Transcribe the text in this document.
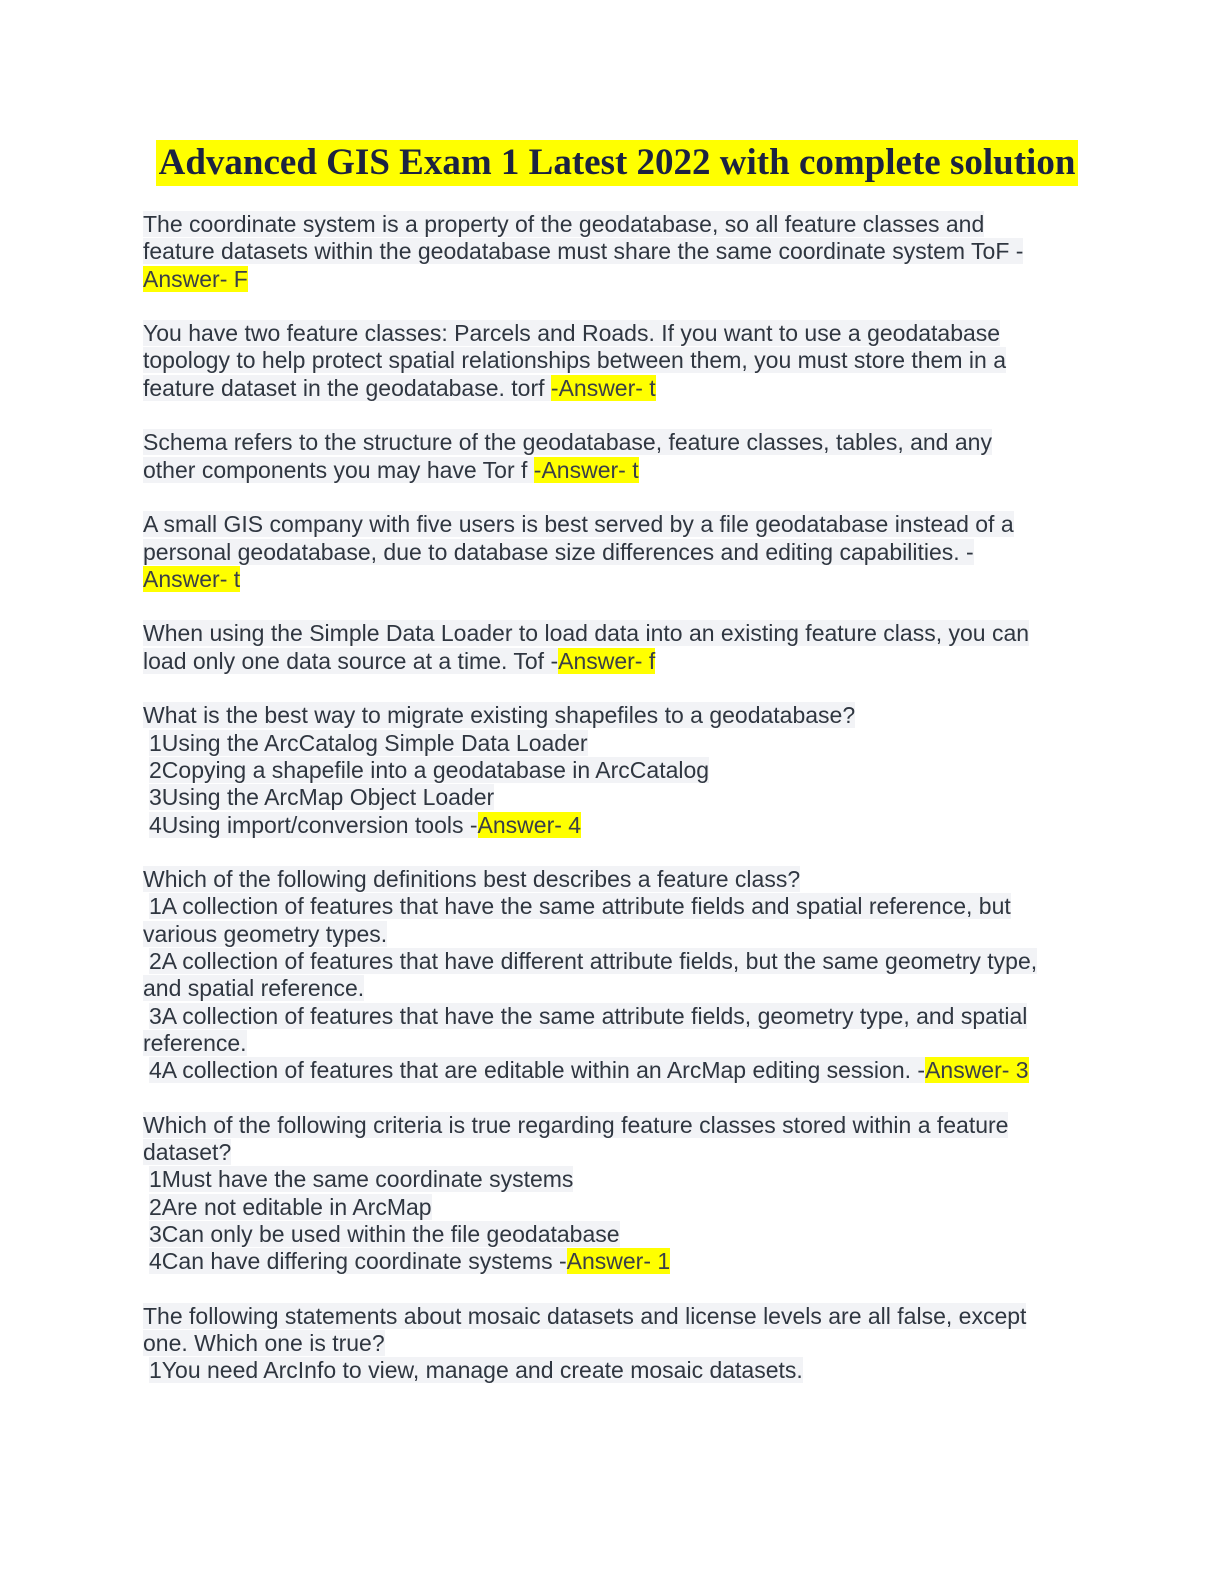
Advanced GIS Exam 1 Latest 2022 with complete solution
The coordinate system is a property of the geodatabase, so all feature classes and
feature datasets within the geodatabase must share the same coordinate system ToF -
Answer- F
You have two feature classes: Parcels and Roads. If you want to use a geodatabase
topology to help protect spatial relationships between them, you must store them in a
feature dataset in the geodatabase. torf -Answer- t
Schema refers to the structure of the geodatabase, feature classes, tables, and any
other components you may have Tor f -Answer- t
A small GIS company with five users is best served by a file geodatabase instead of a
personal geodatabase, due to database size differences and editing capabilities. -
Answer- t
When using the Simple Data Loader to load data into an existing feature class, you can
load only one data source at a time. Tof -Answer- f
What is the best way to migrate existing shapefiles to a geodatabase?
1Using the ArcCatalog Simple Data Loader
2Copying a shapefile into a geodatabase in ArcCatalog
3Using the ArcMap Object Loader
4Using import/conversion tools -Answer- 4
Which of the following definitions best describes a feature class?
1A collection of features that have the same attribute fields and spatial reference, but
various geometry types.
2A collection of features that have different attribute fields, but the same geometry type,
and spatial reference.
3A collection of features that have the same attribute fields, geometry type, and spatial
reference.
4A collection of features that are editable within an ArcMap editing session. -Answer- 3
Which of the following criteria is true regarding feature classes stored within a feature
dataset?
1Must have the same coordinate systems
2Are not editable in ArcMap
3Can only be used within the file geodatabase
4Can have differing coordinate systems -Answer- 1
The following statements about mosaic datasets and license levels are all false, except
one. Which one is true?
1You need ArcInfo to view, manage and create mosaic datasets.
